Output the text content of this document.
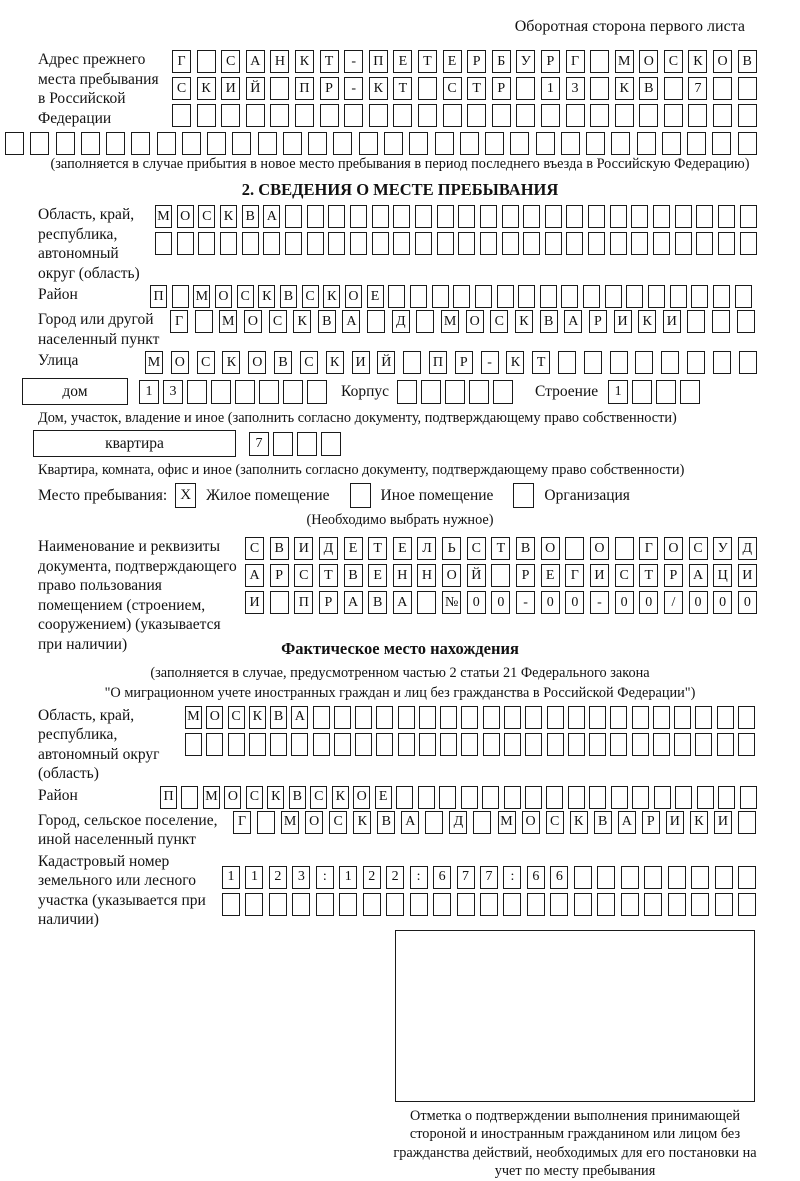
Оборотная сторона первого листа
Адрес прежнего места пребывания в Российской Федерации
Г	С	А	Н	К	Т	-	П	Е	Т	Е	Р	Б	У	Р	Г	М О	С	К	О	В
С	К	И	Й	П	Р	-	К	Т	С	Т	Р	1	3	К	В	7
(заполняется в случае прибытия в новое место пребывания в период последнего въезда в Российскую Федерацию)
2. СВЕДЕНИЯ О МЕСТЕ ПРЕБЫВАНИЯ
Область, край, республика, автономный округ (область)
М О С К В А
Район	П М О С К В С К О Е
Город или другой населенный пункт
Г	М О	С	К	В	А	Д	М О	С	К	В	А	Р	И	К	И
Улица	М О	С	К	О	В	С	К	И Й	П	Р	-	К	Т
дом	1	3	Корпус	Строение	1
Дом, участок, владение и иное (заполнить согласно документу, подтверждающему право собственности)
квартира	7
Квартира, комната, офис и иное (заполнить согласно документу, подтверждающему право собственности)
Место пребывания: X Жилое помещение	Иное помещение	Организация
(Необходимо выбрать нужное)
Наименование и реквизиты документа, подтверждающего право пользования помещением (строением, сооружением) (указывается при наличии)
С	В	И	Д	Е	Т	Е	Л	Ь	С	Т	В	О	О	Г	О	С	У	Д
А	Р	С	Т	В	Е	Н	Н	О	Й	Р	Е	Г	И	С	Т	Р	А	Ц	И
И	П	Р	А	В	А	№	0	0	-	0	0	-	0	0	/	0	0	0
Фактическое место нахождения
(заполняется в случае, предусмотренном частью 2 статьи 21 Федерального закона
"О миграционном учете иностранных граждан и лиц без гражданства в Российской Федерации")
Область, край, республика, автономный округ (область)
М О С К В А
Район	П М О С К В С К О Е
Город, сельское поселение, иной населенный пункт
Г	М О	С	К	В	А	Д	М О	С	К	В	А	Р	И	К	И
Кадастровый номер земельного или лесного участка (указывается при наличии)
1	1	2	3	:	1	2	2	:	6	7	7	:	6	6
Отметка о подтверждении выполнения принимающей стороной и иностранным гражданином или лицом без гражданства действий, необходимых для его постановки на учет по месту пребывания
